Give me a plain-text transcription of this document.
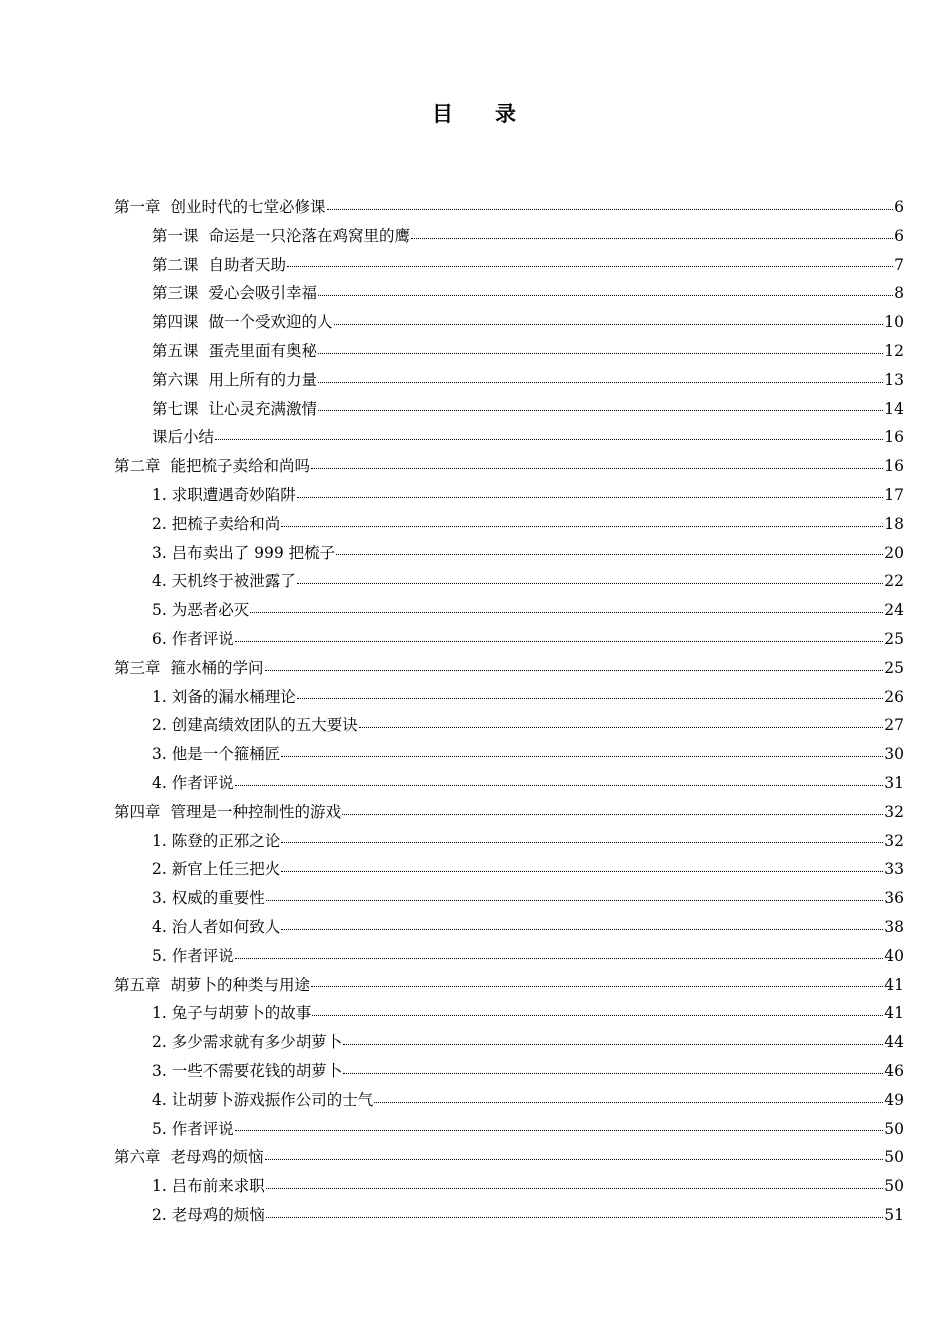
目 录
第一章 创业时代的七堂必修课	6
第一课 命运是一只沦落在鸡窝里的鹰	6
第二课 自助者天助	7
第三课 爱心会吸引幸福	8
第四课 做一个受欢迎的人	10
第五课 蛋壳里面有奥秘	12
第六课 用上所有的力量	13
第七课 让心灵充满激情	14
课后小结	16
第二章 能把梳子卖给和尚吗	16
1. 求职遭遇奇妙陷阱	17
2. 把梳子卖给和尚	18
3. 吕布卖出了 999 把梳子	20
4. 天机终于被泄露了	22
5. 为恶者必灭	24
6. 作者评说	25
第三章 箍水桶的学问	25
1. 刘备的漏水桶理论	26
2. 创建高绩效团队的五大要诀	27
3. 他是一个箍桶匠	30
4. 作者评说	31
第四章 管理是一种控制性的游戏	32
1. 陈登的正邪之论	32
2. 新官上任三把火	33
3. 权威的重要性	36
4. 治人者如何致人	38
5. 作者评说	40
第五章 胡萝卜的种类与用途	41
1. 兔子与胡萝卜的故事	41
2. 多少需求就有多少胡萝卜	44
3. 一些不需要花钱的胡萝卜	46
4. 让胡萝卜游戏振作公司的士气	49
5. 作者评说	50
第六章 老母鸡的烦恼	50
1. 吕布前来求职	50
2. 老母鸡的烦恼	51
